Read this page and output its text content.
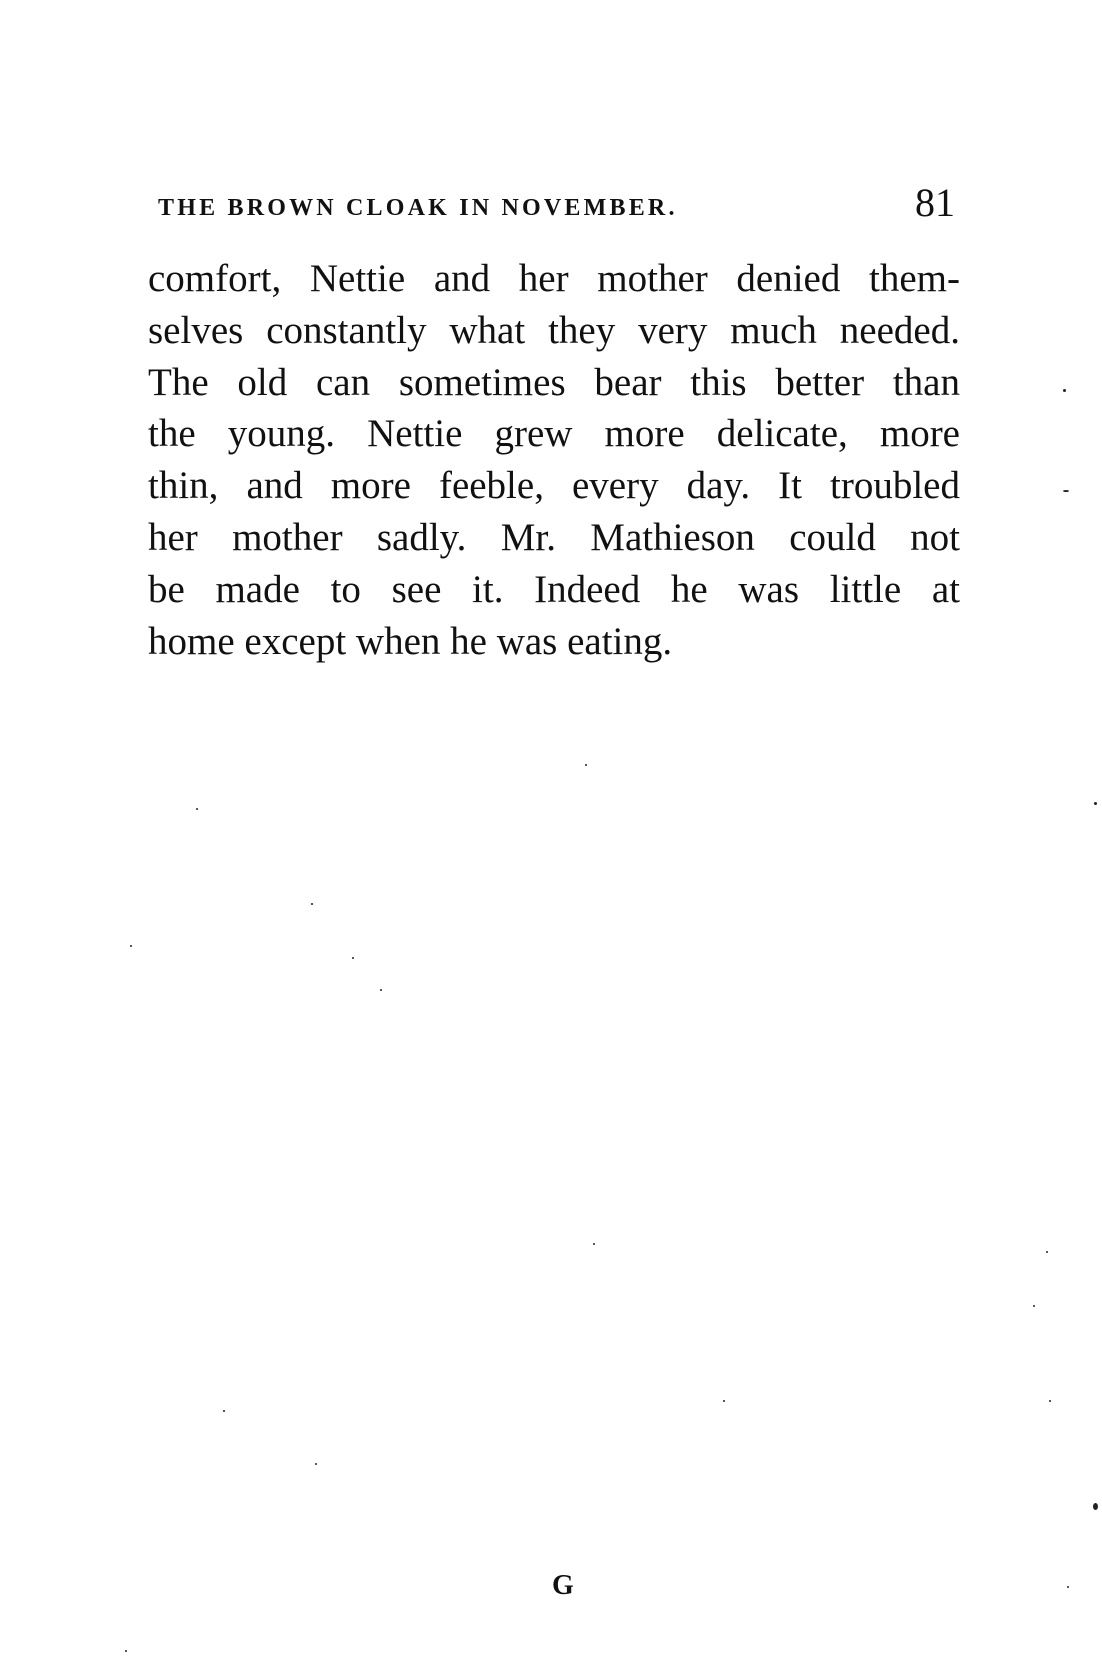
THE BROWN CLOAK IN NOVEMBER.	81
comfort, Nettie and her mother denied them-
selves constantly what they very much needed.
The old can sometimes bear this better than
the young. Nettie grew more delicate, more
thin, and more feeble, every day. It troubled
her mother sadly. Mr. Mathieson could not
be made to see it. Indeed he was little at
home except when he was eating.
G
